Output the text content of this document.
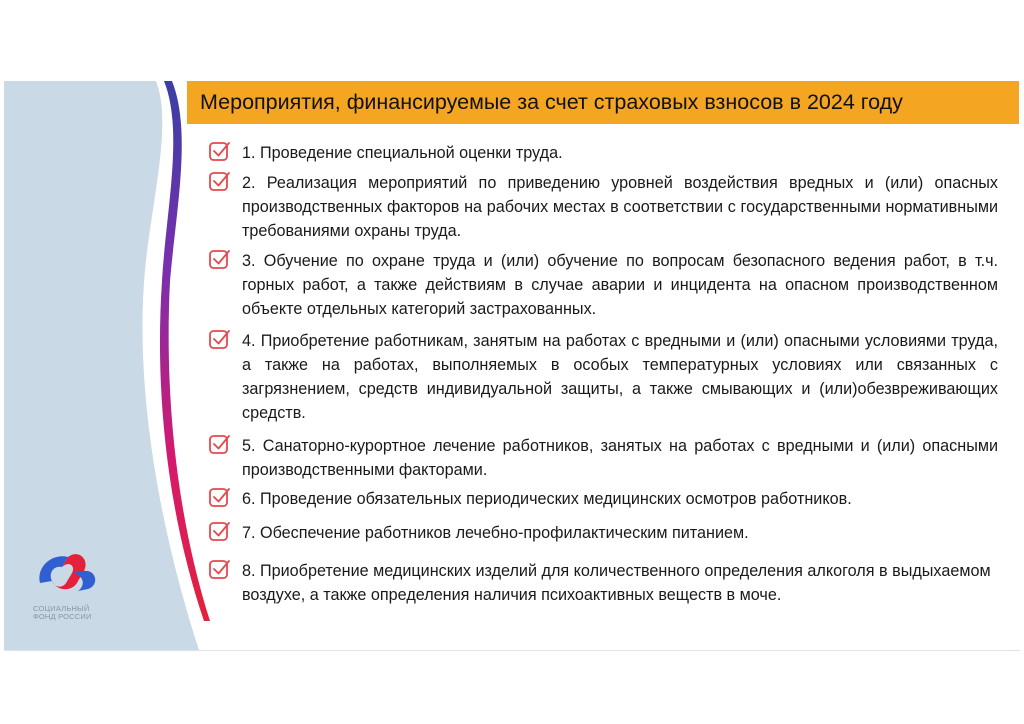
СОЦИАЛЬНЫЙ
ФОНД РОССИИ
Мероприятия, финансируемые за счет страховых взносов в 2024 году
1. Проведение специальной оценки труда.
2. Реализация мероприятий по приведению уровней воздействия вредных и (или) опасных производственных факторов на рабочих местах в соответствии с государственными нормативными требованиями охраны труда.
3. Обучение по охране труда и (или) обучение по вопросам безопасного ведения работ, в т.ч. горных работ, а также действиям в случае аварии и инцидента на опасном производственном объекте отдельных категорий застрахованных.
4. Приобретение работникам, занятым на работах с вредными и (или) опасными условиями труда, а также на работах, выполняемых в особых температурных условиях или связанных с загрязнением, средств индивидуальной защиты, а также смывающих и (или)обезвреживающих средств.
5. Санаторно-курортное лечение работников, занятых на работах с вредными и (или) опасными производственными факторами.
6. Проведение обязательных периодических медицинских осмотров работников.
7. Обеспечение работников лечебно-профилактическим питанием.
8. Приобретение медицинских изделий для количественного определения алкоголя в выдыхаемом воздухе, а также определения наличия психоактивных веществ в моче.
